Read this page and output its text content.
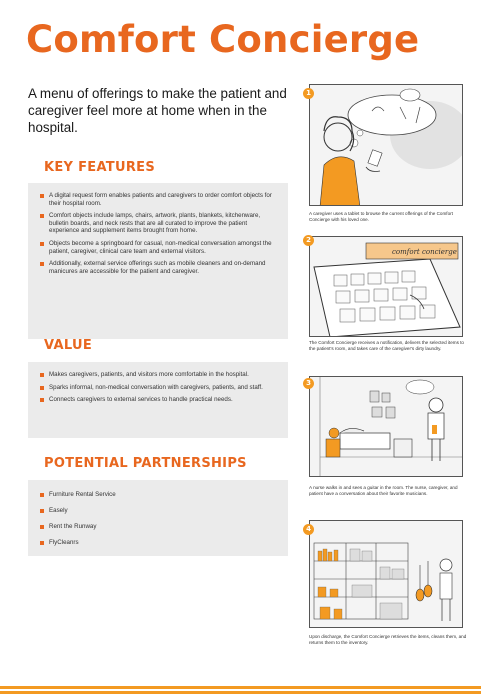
Comfort Concierge
A menu of offerings to make the patient and caregiver feel more at home when in the hospital.
KEY FEATURES
A digital request form enables patients and caregivers to order comfort objects for their hospital room.
Comfort objects include lamps, chairs, artwork, plants, blankets, kitchenware, bulletin boards, and neck rests that are all curated to improve the patient experience and supplement items brought from home.
Objects become a springboard for casual, non-medical conversation amongst the patient, caregiver, clinical care team and external visitors.
Additionally, external service offerings such as mobile cleaners and on-demand manicures are accessible for the patient and caregiver.
VALUE
Makes caregivers, patients, and visitors more comfortable in the hospital.
Sparks informal, non-medical conversation with caregivers, patients, and staff.
Connects caregivers to external services to handle practical needs.
POTENTIAL PARTNERSHIPS
Furniture Rental Service
Easely
Rent the Runway
FlyCleanrs
1
A caregiver uses a tablet to browse the current offerings of the Comfort Concierge with his loved one.
2
comfort concierge
The Comfort Concierge receives a notification, delivers the selected items to the patient's room, and takes care of the caregiver's dirty laundry.
3
A nurse walks in and sees a guitar in the room. The nurse, caregiver, and patient have a conversation about their favorite musicians.
4
Upon discharge, the Comfort Concierge retrieves the items, cleans them, and returns them to the inventory.
